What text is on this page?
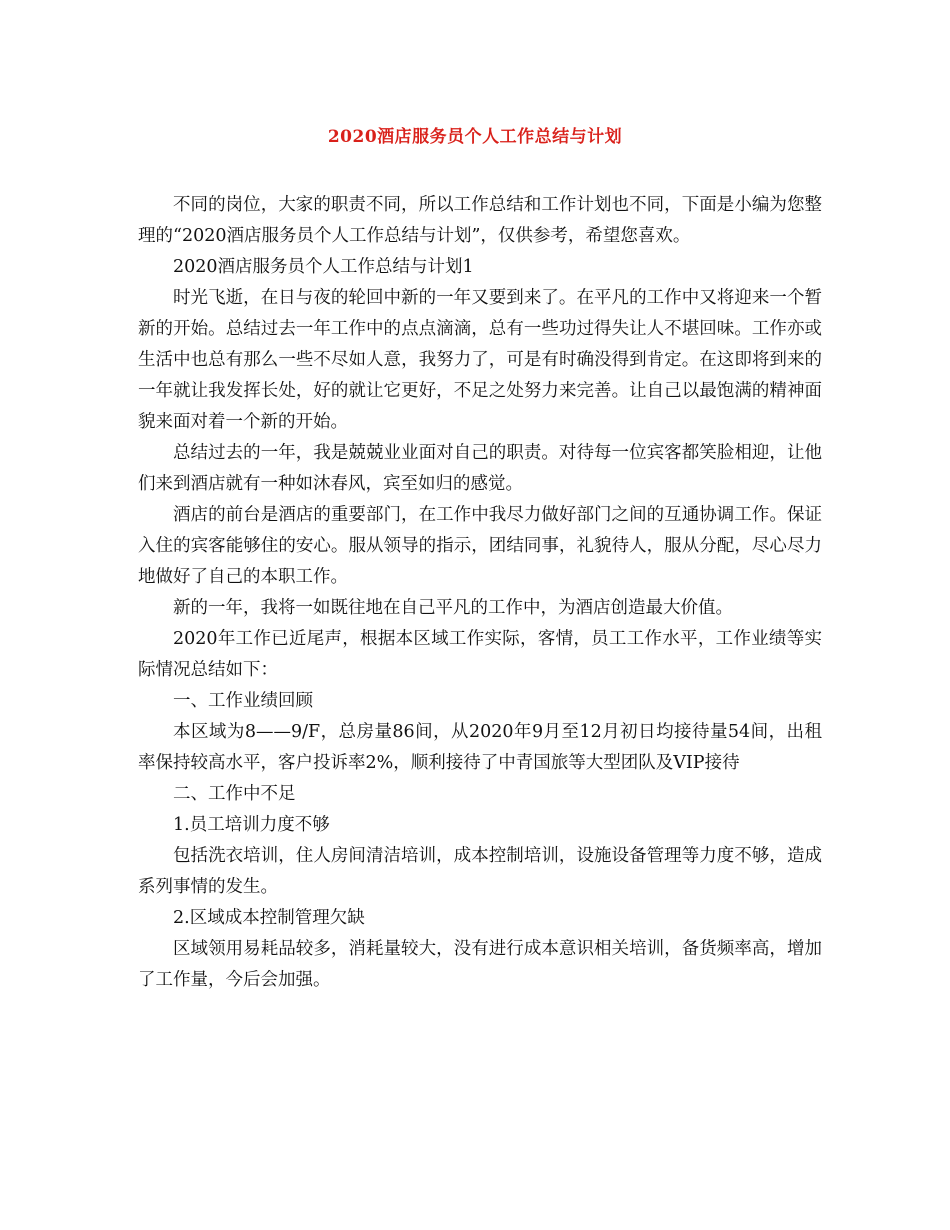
2020酒店服务员个人工作总结与计划

不同的岗位，大家的职责不同，所以工作总结和工作计划也不同，下面是小编为您整理的“2020酒店服务员个人工作总结与计划”，仅供参考，希望您喜欢。

2020酒店服务员个人工作总结与计划1

时光飞逝，在日与夜的轮回中新的一年又要到来了。在平凡的工作中又将迎来一个暂新的开始。总结过去一年工作中的点点滴滴，总有一些功过得失让人不堪回味。工作亦或生活中也总有那么一些不尽如人意，我努力了，可是有时确没得到肯定。在这即将到来的一年就让我发挥长处，好的就让它更好，不足之处努力来完善。让自己以最饱满的精神面貌来面对着一个新的开始。

总结过去的一年，我是兢兢业业面对自己的职责。对待每一位宾客都笑脸相迎，让他们来到酒店就有一种如沐春风，宾至如归的感觉。

酒店的前台是酒店的重要部门，在工作中我尽力做好部门之间的互通协调工作。保证入住的宾客能够住的安心。服从领导的指示，团结同事，礼貌待人，服从分配，尽心尽力地做好了自己的本职工作。

新的一年，我将一如既往地在自己平凡的工作中，为酒店创造最大价值。

2020年工作已近尾声，根据本区域工作实际，客情，员工工作水平，工作业绩等实际情况总结如下：

一、工作业绩回顾

本区域为8——9/F，总房量86间，从2020年9月至12月初日均接待量54间，出租率保持较高水平，客户投诉率2%，顺利接待了中青国旅等大型团队及VIP接待

二、工作中不足

1.员工培训力度不够

包括洗衣培训，住人房间清洁培训，成本控制培训，设施设备管理等力度不够，造成系列事情的发生。

2.区域成本控制管理欠缺

区域领用易耗品较多，消耗量较大，没有进行成本意识相关培训，备货频率高，增加了工作量，今后会加强。
